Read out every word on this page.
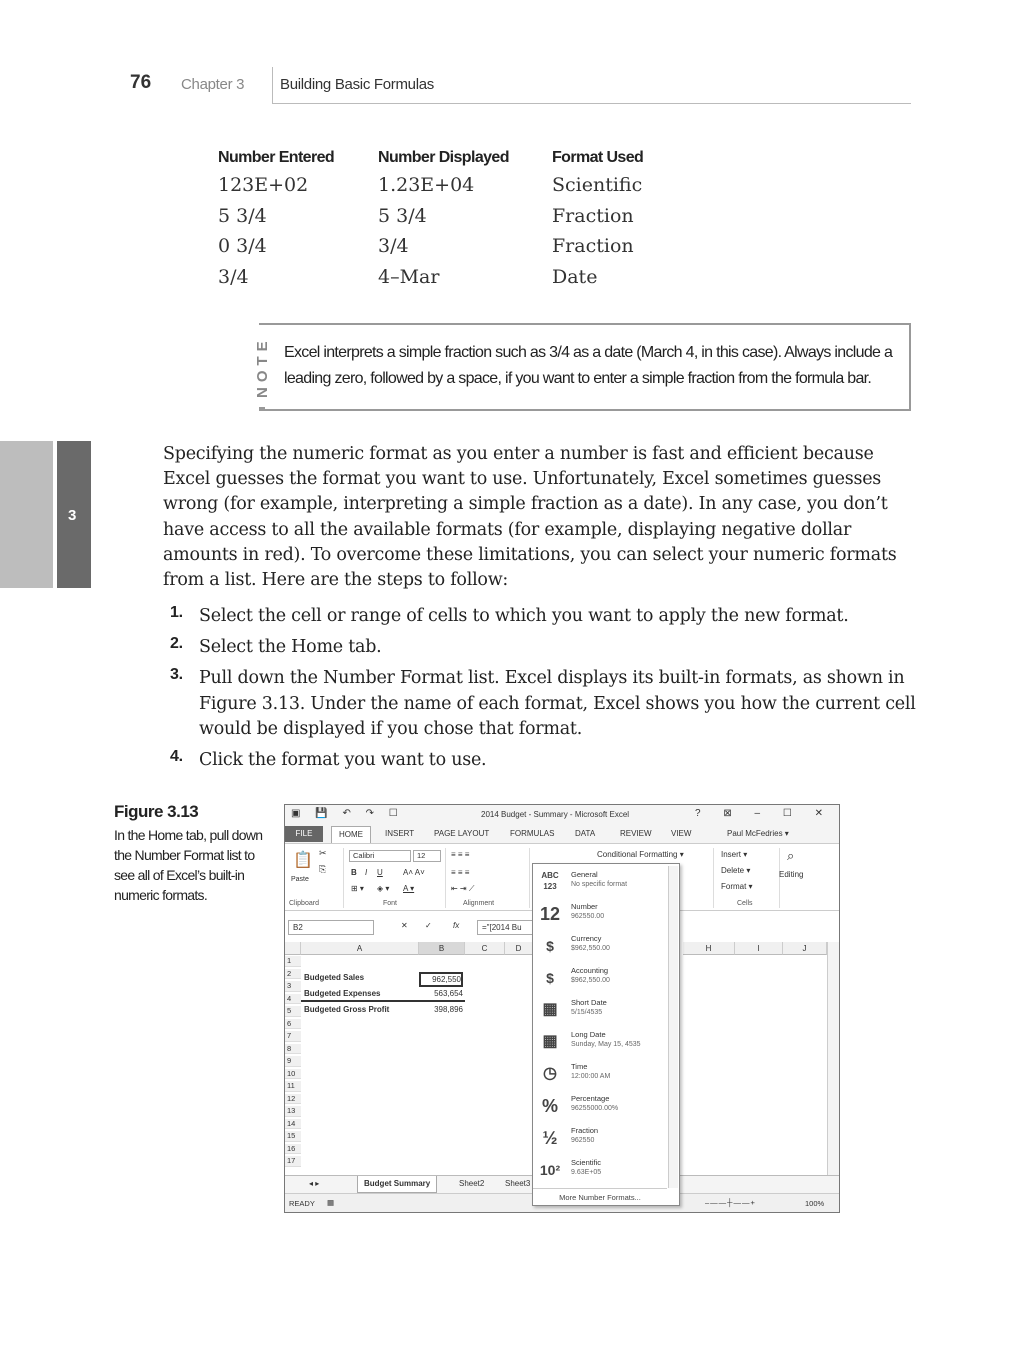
76 Chapter 3 Building Basic Formulas
Number Entered	Number Displayed	Format Used
123E+02	1.23E+04	Scientific
5 3/4	5 3/4	Fraction
0 3/4	3/4	Fraction
3/4	4–Mar	Date
NOTE Excel interprets a simple fraction such as 3/4 as a date (March 4, in this case). Always include a leading zero, followed by a space, if you want to enter a simple fraction from the formula bar.
3
Specifying the numeric format as you enter a number is fast and efficient because Excel guesses the format you want to use. Unfortunately, Excel sometimes guesses wrong (for example, interpreting a simple fraction as a date). In any case, you don’t have access to all the available formats (for example, displaying negative dollar amounts in red). To overcome these limitations, you can select your numeric formats from a list. Here are the steps to follow:
1. Select the cell or range of cells to which you want to apply the new format.
2. Select the Home tab.
3. Pull down the Number Format list. Excel displays its built-in formats, as shown in Figure 3.13. Under the name of each format, Excel shows you how the current cell would be displayed if you chose that format.
4. Click the format you want to use.
Figure 3.13
In the Home tab, pull down the Number Format list to see all of Excel’s built-in numeric formats.
▣ 💾 ↶ ↷ ☐	2014 Budget - Summary - Microsoft Excel	? ⊠ – ☐ ✕
FILE	HOME	INSERT PAGE LAYOUT	FORMULAS	DATA	REVIEW VIEW	Paul McFedries ▾
📋
Paste
✂
⎘
Calibri	12
B I U	A˄ A˅
⊞ ▾ ◈ ▾ A ▾
≡ ≡ ≡
≡ ≡ ≡
⇤ ⇥ ⟋
Conditional Formatting ▾	Insert ▾
Delete ▾
Format ▾
⌕
Editing
Clipboard	Font	Alignment	Cells
B2	✕ ✓	fx	="[2014 Bu
A	B	C	D	H	I	J
1
2
3
4
5
6
7
8
9
10
11
12
13
14
15
16
17
Budgeted Sales	962,550
Budgeted Expenses	563,654
Budgeted Gross Profit	398,896
◂ ▸	Budget Summary	Sheet2	Sheet3
READY ▦	–——┼——+	100%
ABC 123
General
No specific format
12	Number
962550.00
$	Currency
$962,550.00
$	Accounting
$962,550.00
▦	Short Date
5/15/4535
▦	Long Date
Sunday, May 15, 4535
◷	Time
12:00:00 AM
%	Percentage
96255000.00%
½	Fraction
962550
10²	Scientific
9.63E+05
More Number Formats...
